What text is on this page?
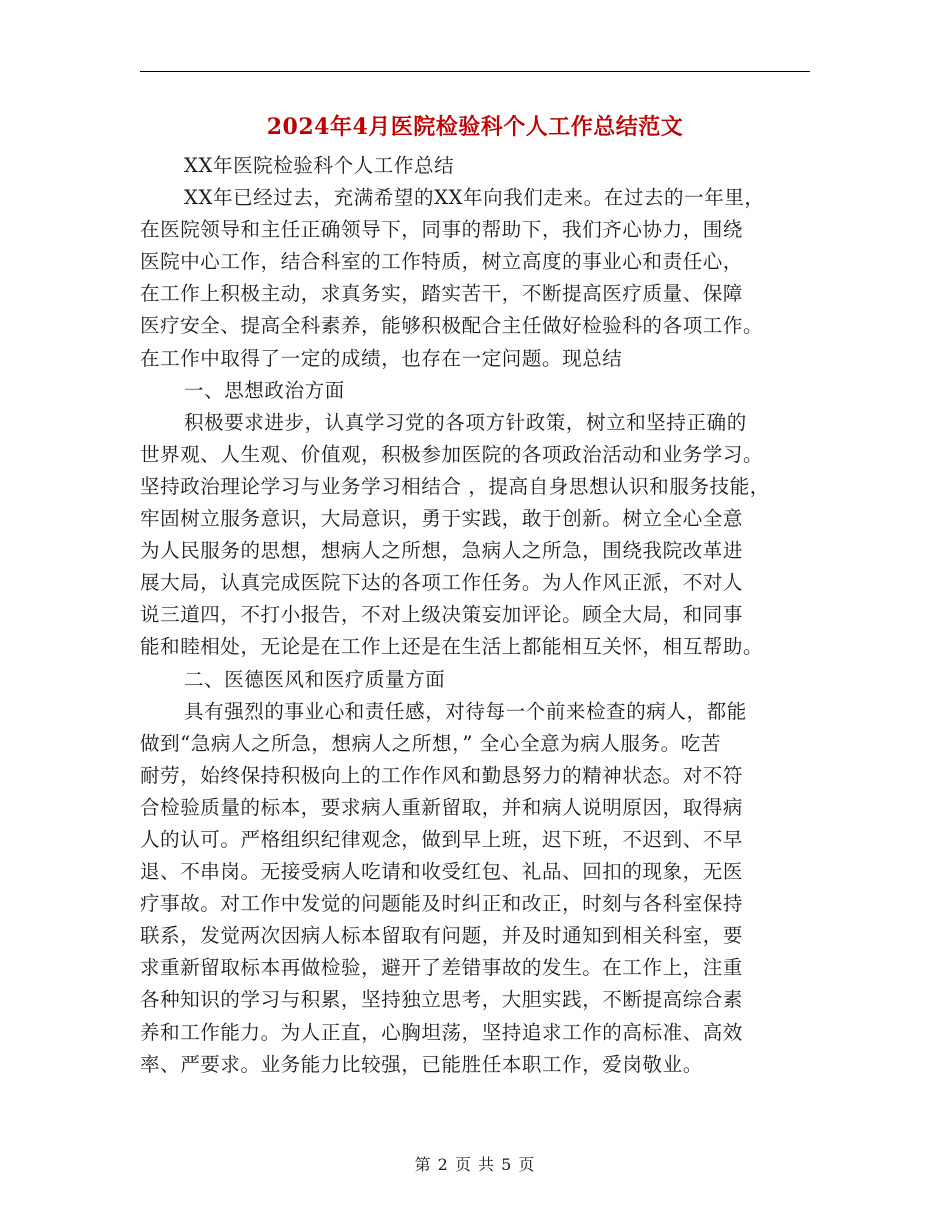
2024年4月医院检验科个人工作总结范文
XX年医院检验科个人工作总结
XX年已经过去，充满希望的XX年向我们走来。在过去的一年里，
在医院领导和主任正确领导下，同事的帮助下，我们齐心协力，围绕
医院中心工作，结合科室的工作特质，树立高度的事业心和责任心，
在工作上积极主动，求真务实，踏实苦干，不断提高医疗质量、保障
医疗安全、提高全科素养，能够积极配合主任做好检验科的各项工作。
在工作中取得了一定的成绩，也存在一定问题。现总结
一、思想政治方面
积极要求进步，认真学习党的各项方针政策，树立和坚持正确的
世界观、人生观、价值观，积极参加医院的各项政治活动和业务学习。
坚持政治理论学习与业务学习相结合 ，提高自身思想认识和服务技能，
牢固树立服务意识，大局意识，勇于实践，敢于创新。树立全心全意
为人民服务的思想，想病人之所想，急病人之所急，围绕我院改革进
展大局，认真完成医院下达的各项工作任务。为人作风正派，不对人
说三道四，不打小报告，不对上级决策妄加评论。顾全大局，和同事
能和睦相处，无论是在工作上还是在生活上都能相互关怀，相互帮助。
二、医德医风和医疗质量方面
具有强烈的事业心和责任感，对待每一个前来检查的病人，都能
做到“急病人之所急，想病人之所想，” 全心全意为病人服务。吃苦
耐劳，始终保持积极向上的工作作风和勤恳努力的精神状态。对不符
合检验质量的标本，要求病人重新留取，并和病人说明原因，取得病
人的认可。严格组织纪律观念，做到早上班，迟下班，不迟到、不早
退、不串岗。无接受病人吃请和收受红包、礼品、回扣的现象，无医
疗事故。对工作中发觉的问题能及时纠正和改正，时刻与各科室保持
联系，发觉两次因病人标本留取有问题，并及时通知到相关科室，要
求重新留取标本再做检验，避开了差错事故的发生。在工作上，注重
各种知识的学习与积累，坚持独立思考，大胆实践，不断提高综合素
养和工作能力。为人正直，心胸坦荡，坚持追求工作的高标准、高效
率、严要求。业务能力比较强，已能胜任本职工作，爱岗敬业。
第 2 页 共 5 页
